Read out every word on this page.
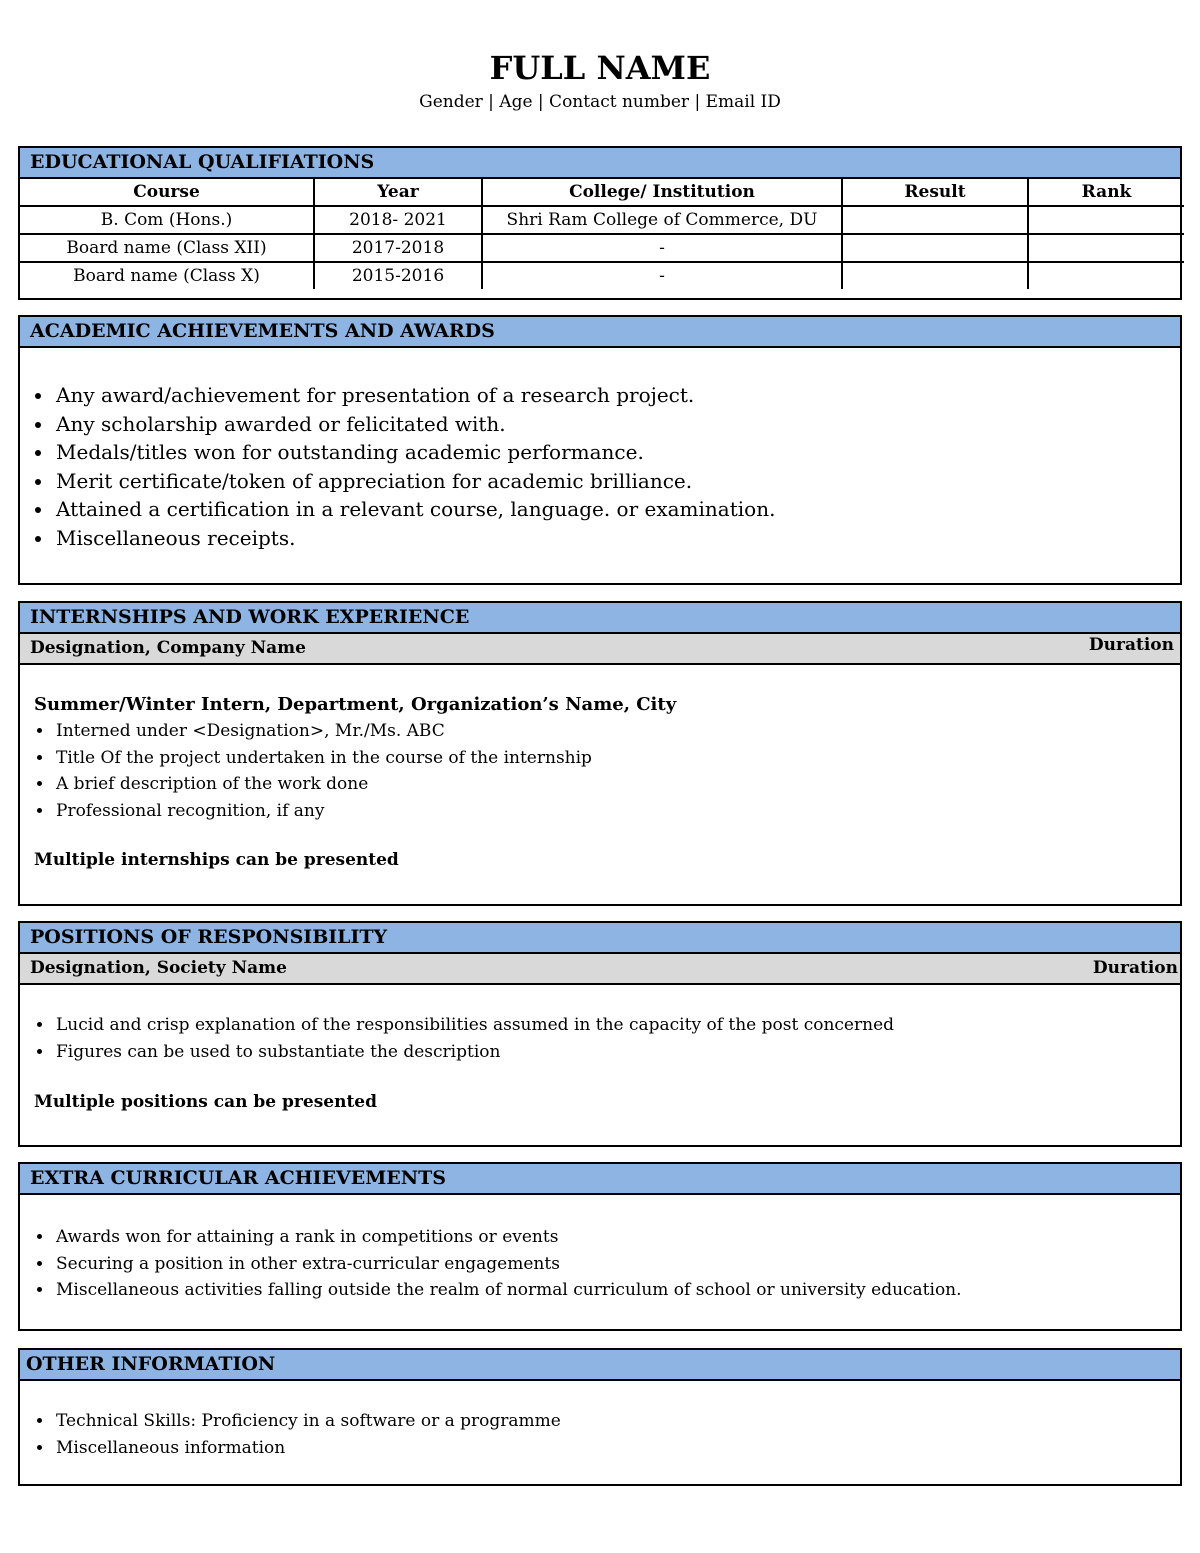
FULL NAME
Gender | Age | Contact number | Email ID
EDUCATIONAL QUALIFIATIONS
Course	Year	College/ Institution	Result	Rank
B. Com (Hons.)	2018- 2021	Shri Ram College of Commerce, DU		
Board name (Class XII)	2017-2018	-		
Board name (Class X)	2015-2016	-		
ACADEMIC ACHIEVEMENTS AND AWARDS
• Any award/achievement for presentation of a research project.
• Any scholarship awarded or felicitated with.
• Medals/titles won for outstanding academic performance.
• Merit certificate/token of appreciation for academic brilliance.
• Attained a certification in a relevant course, language. or examination.
• Miscellaneous receipts.
INTERNSHIPS AND WORK EXPERIENCE
Designation, Company Name	Duration
Summer/Winter Intern, Department, Organization’s Name, City
• Interned under <Designation>, Mr./Ms. ABC
• Title Of the project undertaken in the course of the internship
• A brief description of the work done
• Professional recognition, if any
Multiple internships can be presented
POSITIONS OF RESPONSIBILITY
Designation, Society Name	Duration
• Lucid and crisp explanation of the responsibilities assumed in the capacity of the post concerned
• Figures can be used to substantiate the description
Multiple positions can be presented
EXTRA CURRICULAR ACHIEVEMENTS
• Awards won for attaining a rank in competitions or events
• Securing a position in other extra-curricular engagements
• Miscellaneous activities falling outside the realm of normal curriculum of school or university education.
OTHER INFORMATION
• Technical Skills: Proficiency in a software or a programme
• Miscellaneous information
